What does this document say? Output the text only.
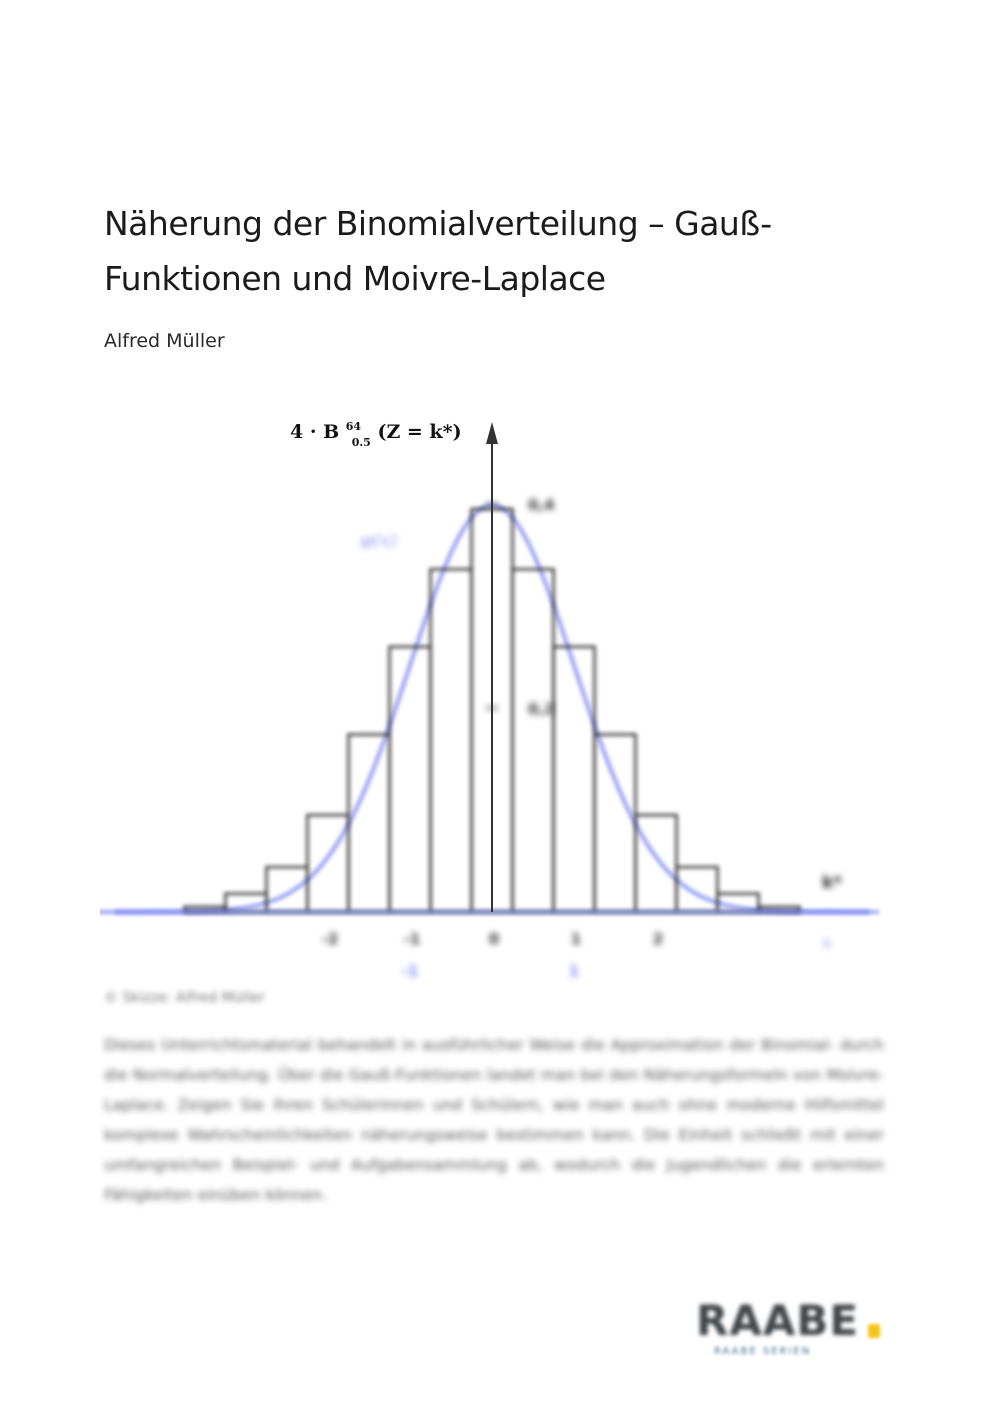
Näherung der Binomialverteilung – Gauß-
Funktionen und Moivre-Laplace
Alfred Müller
0,2
0,4
-2	-1	0	1	2
-1	1
4 · B $^{64}$ 0.5 (Z = k*)
φ(x)
k*
x
© Skizze: Alfred Müller

Dieses Unterrichtsmaterial behandelt in ausführlicher Weise die Approximation der Binomial- durch die Normalverteilung. Über die Gauß-Funktionen landet man bei den Näherungsformeln von Moivre-Laplace. Zeigen Sie Ihren Schülerinnen und Schülern, wie man auch ohne moderne Hilfsmittel komplexe Wahrscheinlichkeiten näherungsweise bestimmen kann. Die Einheit schließt mit einer umfangreichen Beispiel- und Aufgabensammlung ab, wodurch die Jugendlichen die erlernten Fähigkeiten einüben können.

RAABE
RAABE SERIEN
